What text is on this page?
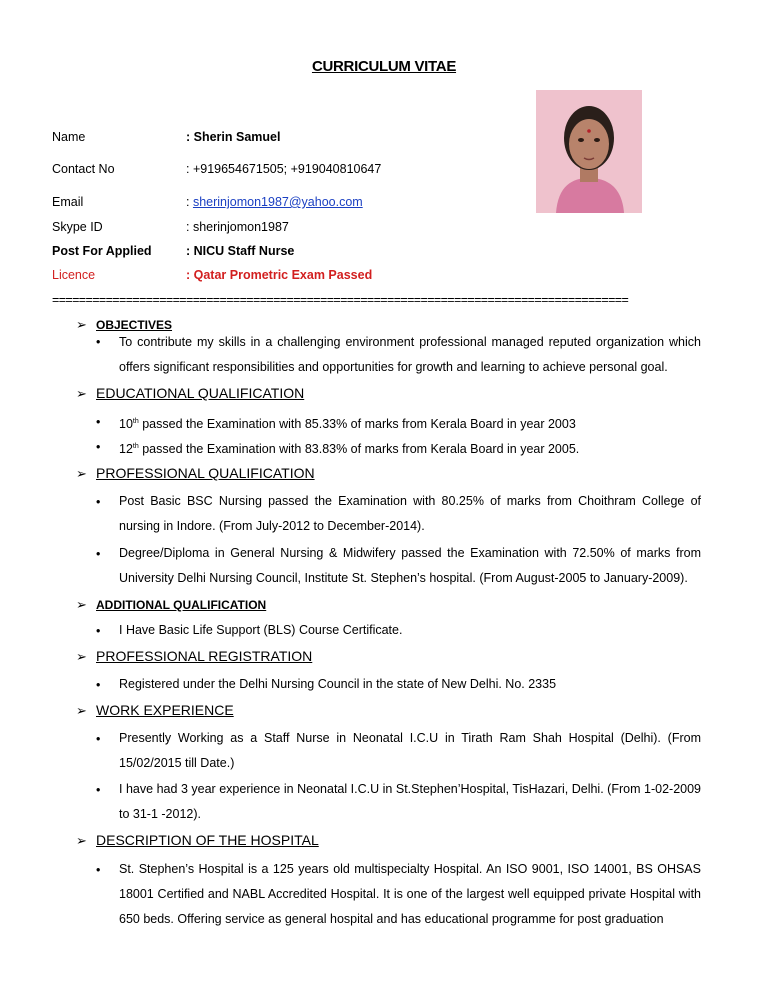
CURRICULUM VITAE
Name	: Sherin Samuel
Contact No	: +919654671505; +919040810647
Email	: sherinjomon1987@yahoo.com
Skype ID	: sherinjomon1987
Post For Applied	: NICU Staff Nurse
Licence	: Qatar Prometric Exam Passed
======================================================================================
➢ OBJECTIVES
• To contribute my skills in a challenging environment professional managed reputed organization which offers significant responsibilities and opportunities for growth and learning to achieve personal goal.
➢ EDUCATIONAL QUALIFICATION
• 10th passed the Examination with 85.33% of marks from Kerala Board in year 2003
• 12th passed the Examination with 83.83% of marks from Kerala Board in year 2005.
➢ PROFESSIONAL QUALIFICATION
• Post Basic BSC Nursing passed the Examination with 80.25% of marks from Choithram College of nursing in Indore. (From July-2012 to December-2014).
• Degree/Diploma in General Nursing & Midwifery passed the Examination with 72.50% of marks from University Delhi Nursing Council, Institute St. Stephen’s hospital. (From August-2005 to January-2009).
➢ ADDITIONAL QUALIFICATION
• I Have Basic Life Support (BLS) Course Certificate.
➢ PROFESSIONAL REGISTRATION
• Registered under the Delhi Nursing Council in the state of New Delhi. No. 2335
➢ WORK EXPERIENCE
• Presently Working as a Staff Nurse in Neonatal I.C.U in Tirath Ram Shah Hospital (Delhi). (From 15/02/2015 till Date.)
• I have had 3 year experience in Neonatal I.C.U in St.Stephen’Hospital, TisHazari, Delhi. (From 1-02-2009 to 31-1 -2012).
➢ DESCRIPTION OF THE HOSPITAL
• St. Stephen’s Hospital is a 125 years old multispecialty Hospital. An ISO 9001, ISO 14001, BS OHSAS 18001 Certified and NABL Accredited Hospital. It is one of the largest well equipped private Hospital with 650 beds. Offering service as general hospital and has educational programme for post graduation
